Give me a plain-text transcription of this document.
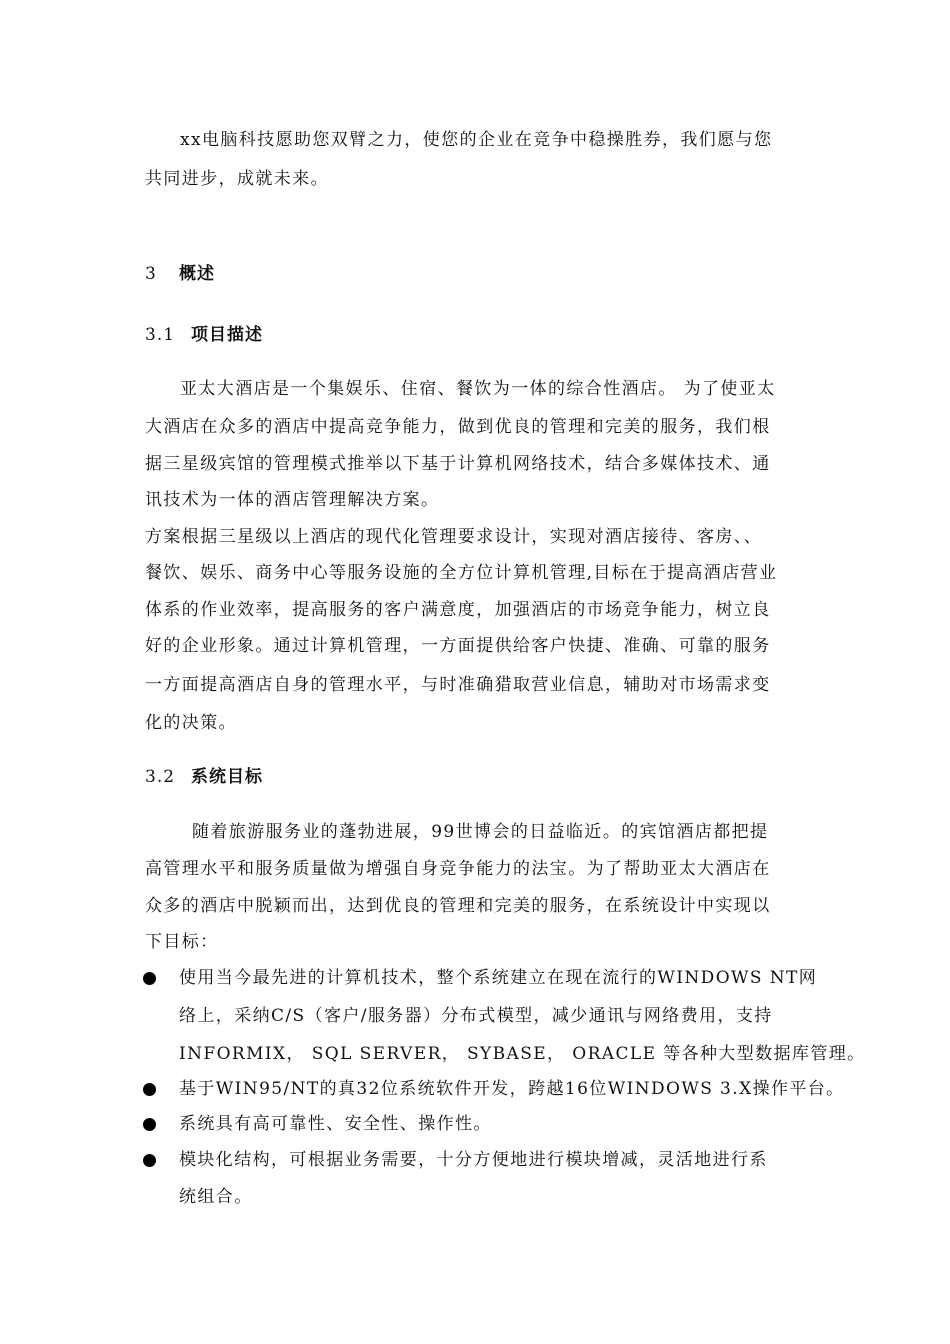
xx电脑科技愿助您双臂之力，使您的企业在竞争中稳操胜券，我们愿与您
共同进步，成就未来。
3 概述
3.1 项目描述
亚太大酒店是一个集娱乐、住宿、餐饮为一体的综合性酒店。 为了使亚太
大酒店在众多的酒店中提高竞争能力，做到优良的管理和完美的服务，我们根
据三星级宾馆的管理模式推举以下基于计算机网络技术，结合多媒体技术、通
讯技术为一体的酒店管理解决方案。
方案根据三星级以上酒店的现代化管理要求设计，实现对酒店接待、客房、、
餐饮、娱乐、商务中心等服务设施的全方位计算机管理,目标在于提高酒店营业
体系的作业效率，提高服务的客户满意度，加强酒店的市场竞争能力，树立良
好的企业形象。通过计算机管理，一方面提供给客户快捷、准确、可靠的服务
一方面提高酒店自身的管理水平，与时准确猎取营业信息，辅助对市场需求变
化的决策。
3.2 系统目标
随着旅游服务业的蓬勃进展，99世博会的日益临近。的宾馆酒店都把提
高管理水平和服务质量做为增强自身竞争能力的法宝。为了帮助亚太大酒店在
众多的酒店中脱颖而出，达到优良的管理和完美的服务，在系统设计中实现以
下目标：
使用当今最先进的计算机技术，整个系统建立在现在流行的WINDOWS NT网
络上，采纳C/S（客户/服务器）分布式模型，减少通讯与网络费用，支持
INFORMIX， SQL SERVER， SYBASE， ORACLE 等各种大型数据库管理。
基于WIN95/NT的真32位系统软件开发，跨越16位WINDOWS 3.X操作平台。
系统具有高可靠性、安全性、操作性。
模块化结构，可根据业务需要，十分方便地进行模块增减，灵活地进行系
统组合。
